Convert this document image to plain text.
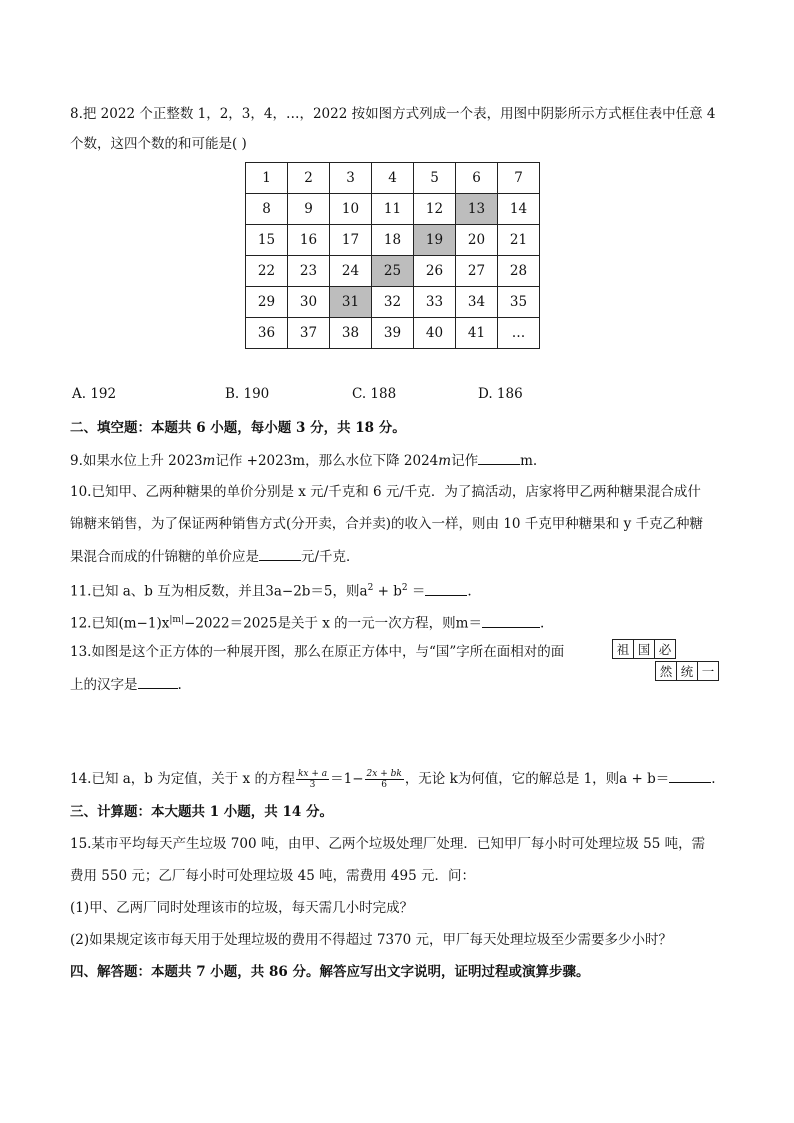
8.把 2022 个正整数 1，2，3，4，…，2022 按如图方式列成一个表，用图中阴影所示方式框住表中任意 4
个数，这四个数的和可能是( )
1	2	3	4	5	6	7
8	9	10	11	12	13	14
15	16	17	18	19	20	21
22	23	24	25	26	27	28
29	30	31	32	33	34	35
36	37	38	39	40	41	…
A. 192	B. 190	C. 188	D. 186
二、填空题：本题共 6 小题，每小题 3 分，共 18 分。
9.如果水位上升 2023m记作 +2023m，那么水位下降 2024m记作	m.
10.已知甲、乙两种糖果的单价分别是 x 元/千克和 6 元/千克．为了搞活动，店家将甲乙两种糖果混合成什
锦糖来销售，为了保证两种销售方式(分开卖，合并卖)的收入一样，则由 10 千克甲种糖果和 y 千克乙种糖
果混合而成的什锦糖的单价应是	元/千克．
11.已知 a、b 互为相反数，并且3a−2b＝5，则$a^2 + b^2$ ＝	.
12.已知$(m-1)x^{|m|}-2022=2025$是关于 x 的一元一次方程，则m＝	.
13.如图是这个正方体的一种展开图，那么在原正方体中，与“国”字所在面相对的面
上的汉字是	.
祖	国	必	

然	统	一
14.已知 a，b 为定值，关于 x 的方程 $\frac{kx + a}{3} =1- \frac{2x + bk}{6}$ ，无论 k为何值，它的解总是 1，则a + b＝	.
三、计算题：本大题共 1 小题，共 14 分。
15.某市平均每天产生垃圾 700 吨，由甲、乙两个垃圾处理厂处理．已知甲厂每小时可处理垃圾 55 吨，需
费用 550 元；乙厂每小时可处理垃圾 45 吨，需费用 495 元．问：
(1)甲、乙两厂同时处理该市的垃圾，每天需几小时完成？
(2)如果规定该市每天用于处理垃圾的费用不得超过 7370 元，甲厂每天处理垃圾至少需要多少小时？
四、解答题：本题共 7 小题，共 86 分。解答应写出文字说明，证明过程或演算步骤。
